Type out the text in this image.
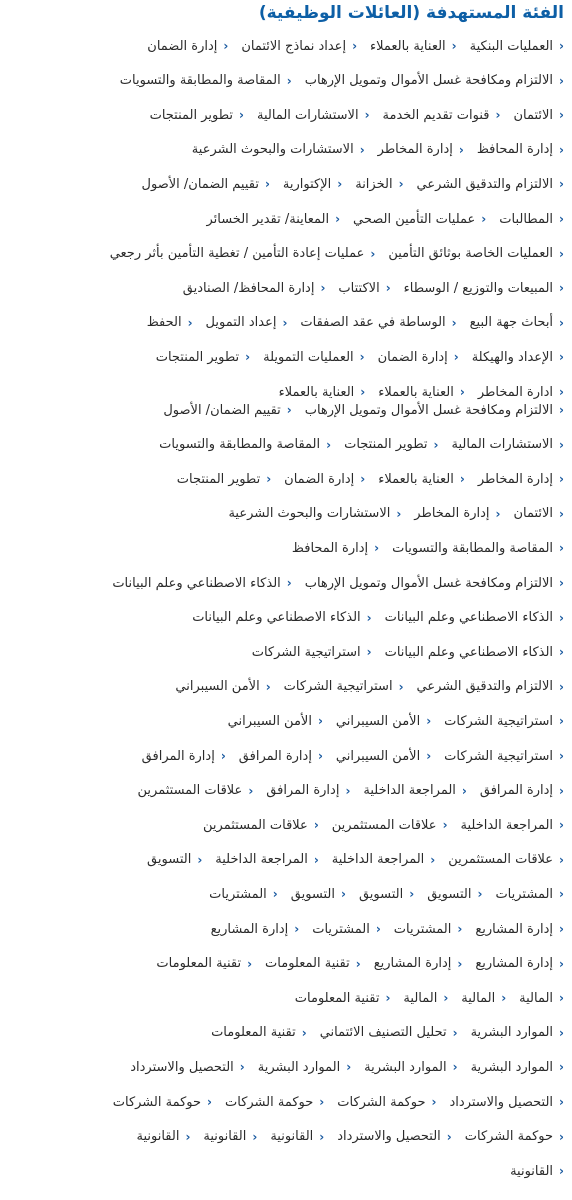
الفئة المستهدفة (العائلات الوظيفية)
‹
العمليات البنكية
‹
العناية بالعملاء
‹
إعداد نماذج الائتمان
‹
إدارة الضمان
‹
الالتزام ومكافحة غسل الأموال وتمويل الإرهاب
‹
المقاصة والمطابقة والتسويات
‹
الائتمان
‹
قنوات تقديم الخدمة
‹
الاستشارات المالية
‹
تطوير المنتجات
‹
إدارة المحافظ
‹
إدارة المخاطر
‹
الاستشارات والبحوث الشرعية
‹
الالتزام والتدقيق الشرعي
‹
الخزانة
‹
الإكتوارية
‹
تقييم الضمان/ الأصول
‹
المطالبات
‹
عمليات التأمين الصحي
‹
المعاينة/ تقدير الخسائر
‹
العمليات الخاصة بوثائق التأمين
‹
عمليات إعادة التأمين / تغطية التأمين بأثر رجعي
‹
المبيعات والتوزيع / الوسطاء
‹
الاكتتاب
‹
إدارة المحافظ/ الصناديق
‹
أبحاث جهة البيع
‹
الوساطة في عقد الصفقات
‹
إعداد التمويل
‹
الحفظ
‹
الإعداد والهيكلة
‹
إدارة الضمان
‹
العمليات التمويلة
‹
تطوير المنتجات
‹
ادارة المخاطر
‹
العناية بالعملاء
‹
العناية بالعملاء
‹
الالتزام ومكافحة غسل الأموال وتمويل الإرهاب
‹
تقييم الضمان/ الأصول
‹
الاستشارات المالية
‹
تطوير المنتجات
‹
المقاصة والمطابقة والتسويات
‹
إدارة المخاطر
‹
العناية بالعملاء
‹
إدارة الضمان
‹
تطوير المنتجات
‹
الائتمان
‹
إدارة المخاطر
‹
الاستشارات والبحوث الشرعية
‹
المقاصة والمطابقة والتسويات
‹
إدارة المحافظ
‹
الالتزام ومكافحة غسل الأموال وتمويل الإرهاب
‹
الذكاء الاصطناعي وعلم البيانات
‹
الذكاء الاصطناعي وعلم البيانات
‹
الذكاء الاصطناعي وعلم البيانات
‹
الذكاء الاصطناعي وعلم البيانات
‹
استراتيجية الشركات
‹
الالتزام والتدقيق الشرعي
‹
استراتيجية الشركات
‹
الأمن السيبراني
‹
استراتيجية الشركات
‹
الأمن السيبراني
‹
الأمن السيبراني
‹
استراتيجية الشركات
‹
الأمن السيبراني
‹
إدارة المرافق
‹
إدارة المرافق
‹
إدارة المرافق
‹
المراجعة الداخلية
‹
إدارة المرافق
‹
علاقات المستثمرين
‹
المراجعة الداخلية
‹
علاقات المستثمرين
‹
علاقات المستثمرين
‹
علاقات المستثمرين
‹
المراجعة الداخلية
‹
المراجعة الداخلية
‹
التسويق
‹
المشتريات
‹
التسويق
‹
التسويق
‹
التسويق
‹
المشتريات
‹
إدارة المشاريع
‹
المشتريات
‹
المشتريات
‹
إدارة المشاريع
‹
إدارة المشاريع
‹
إدارة المشاريع
‹
تقنية المعلومات
‹
تقنية المعلومات
‹
المالية
‹
المالية
‹
المالية
‹
تقنية المعلومات
‹
الموارد البشرية
‹
تحليل التصنيف الائتماني
‹
تقنية المعلومات
‹
الموارد البشرية
‹
الموارد البشرية
‹
الموارد البشرية
‹
التحصيل والاسترداد
‹
التحصيل والاسترداد
‹
حوكمة الشركات
‹
حوكمة الشركات
‹
حوكمة الشركات
‹
حوكمة الشركات
‹
التحصيل والاسترداد
‹
القانونية
‹
القانونية
‹
القانونية
‹
القانونية
